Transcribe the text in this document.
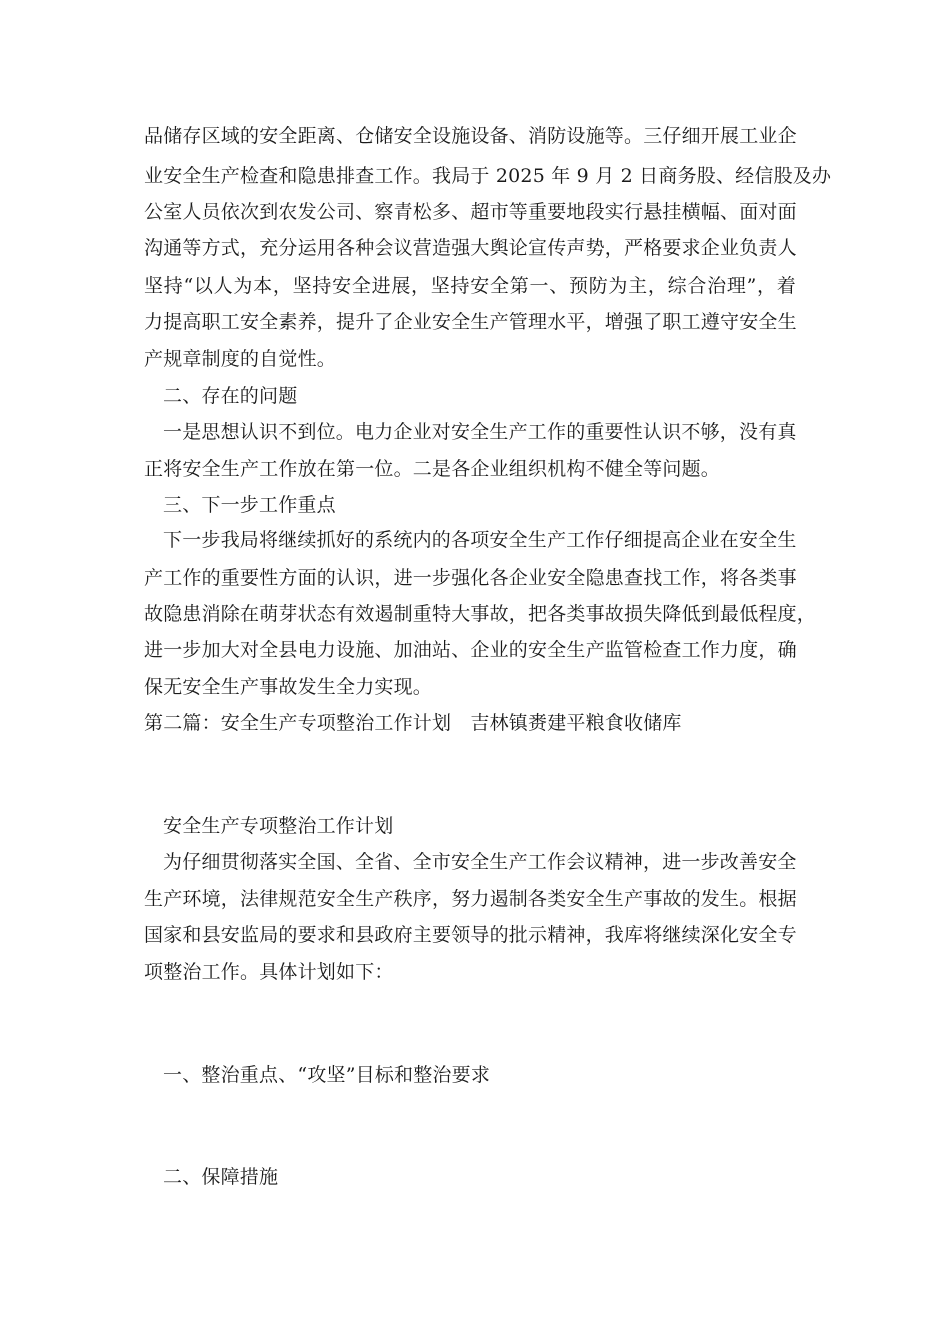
品储存区域的安全距离、仓储安全设施设备、消防设施等。三仔细开展工业企
业安全生产检查和隐患排查工作。我局于 2025 年 9 月 2 日商务股、经信股及办
公室人员依次到农发公司、察青松多、超市等重要地段实行悬挂横幅、面对面
沟通等方式，充分运用各种会议营造强大舆论宣传声势，严格要求企业负责人
坚持“以人为本，坚持安全进展，坚持安全第一、预防为主，综合治理”，着
力提高职工安全素养，提升了企业安全生产管理水平，增强了职工遵守安全生
产规章制度的自觉性。
二、存在的问题
一是思想认识不到位。电力企业对安全生产工作的重要性认识不够，没有真
正将安全生产工作放在第一位。二是各企业组织机构不健全等问题。
三、下一步工作重点
下一步我局将继续抓好的系统内的各项安全生产工作仔细提高企业在安全生
产工作的重要性方面的认识，进一步强化各企业安全隐患查找工作，将各类事
故隐患消除在萌芽状态有效遏制重特大事故，把各类事故损失降低到最低程度，
进一步加大对全县电力设施、加油站、企业的安全生产监管检查工作力度，确
保无安全生产事故发生全力实现。
第二篇：安全生产专项整治工作计划　吉林镇赉建平粮食收储库
安全生产专项整治工作计划
为仔细贯彻落实全国、全省、全市安全生产工作会议精神，进一步改善安全
生产环境，法律规范安全生产秩序，努力遏制各类安全生产事故的发生。根据
国家和县安监局的要求和县政府主要领导的批示精神，我库将继续深化安全专
项整治工作。具体计划如下：
一、整治重点、“攻坚”目标和整治要求
二、保障措施
